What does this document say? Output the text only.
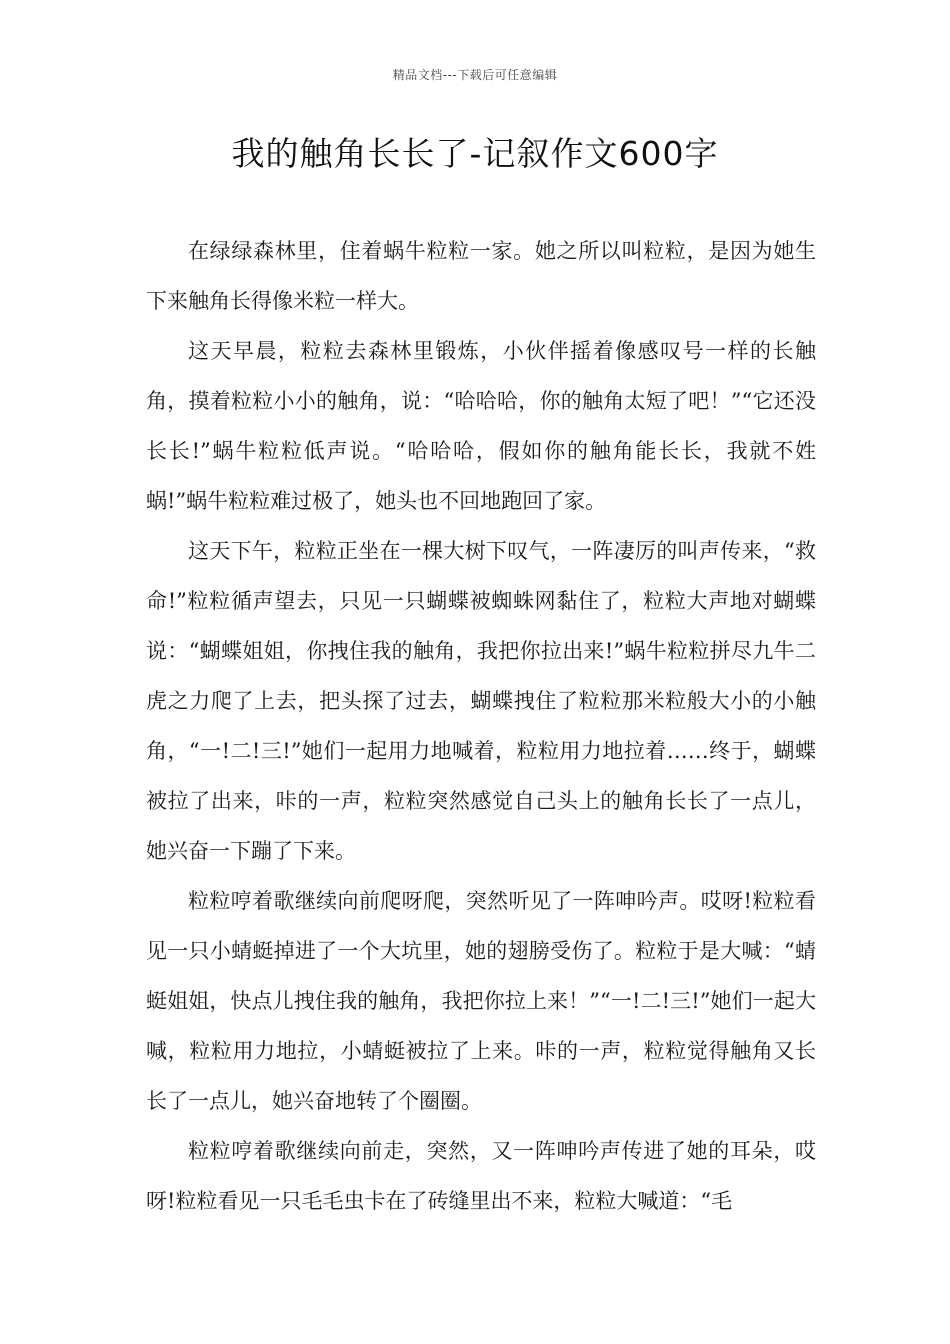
精品文档---下载后可任意编辑
我的触角长长了-记叙作文600字

在绿绿森林里，住着蜗牛粒粒一家。她之所以叫粒粒，是因为她生下来触角长得像米粒一样大。

这天早晨，粒粒去森林里锻炼，小伙伴摇着像感叹号一样的长触角，摸着粒粒小小的触角，说：“哈哈哈，你的触角太短了吧！”“它还没长长!”蜗牛粒粒低声说。“哈哈哈，假如你的触角能长长，我就不姓蜗!”蜗牛粒粒难过极了，她头也不回地跑回了家。

这天下午，粒粒正坐在一棵大树下叹气，一阵凄厉的叫声传来，“救命!”粒粒循声望去，只见一只蝴蝶被蜘蛛网黏住了，粒粒大声地对蝴蝶说：“蝴蝶姐姐，你拽住我的触角，我把你拉出来!”蜗牛粒粒拼尽九牛二虎之力爬了上去，把头探了过去，蝴蝶拽住了粒粒那米粒般大小的小触角，“一!二!三!”她们一起用力地喊着，粒粒用力地拉着……终于，蝴蝶被拉了出来，咔的一声，粒粒突然感觉自己头上的触角长长了一点儿，她兴奋一下蹦了下来。

粒粒哼着歌继续向前爬呀爬，突然听见了一阵呻吟声。哎呀!粒粒看见一只小蜻蜓掉进了一个大坑里，她的翅膀受伤了。粒粒于是大喊：“蜻蜓姐姐，快点儿拽住我的触角，我把你拉上来！”“一!二!三!”她们一起大喊，粒粒用力地拉，小蜻蜓被拉了上来。咔的一声，粒粒觉得触角又长长了一点儿，她兴奋地转了个圈圈。

粒粒哼着歌继续向前走，突然，又一阵呻吟声传进了她的耳朵，哎呀!粒粒看见一只毛毛虫卡在了砖缝里出不来，粒粒大喊道：“毛
